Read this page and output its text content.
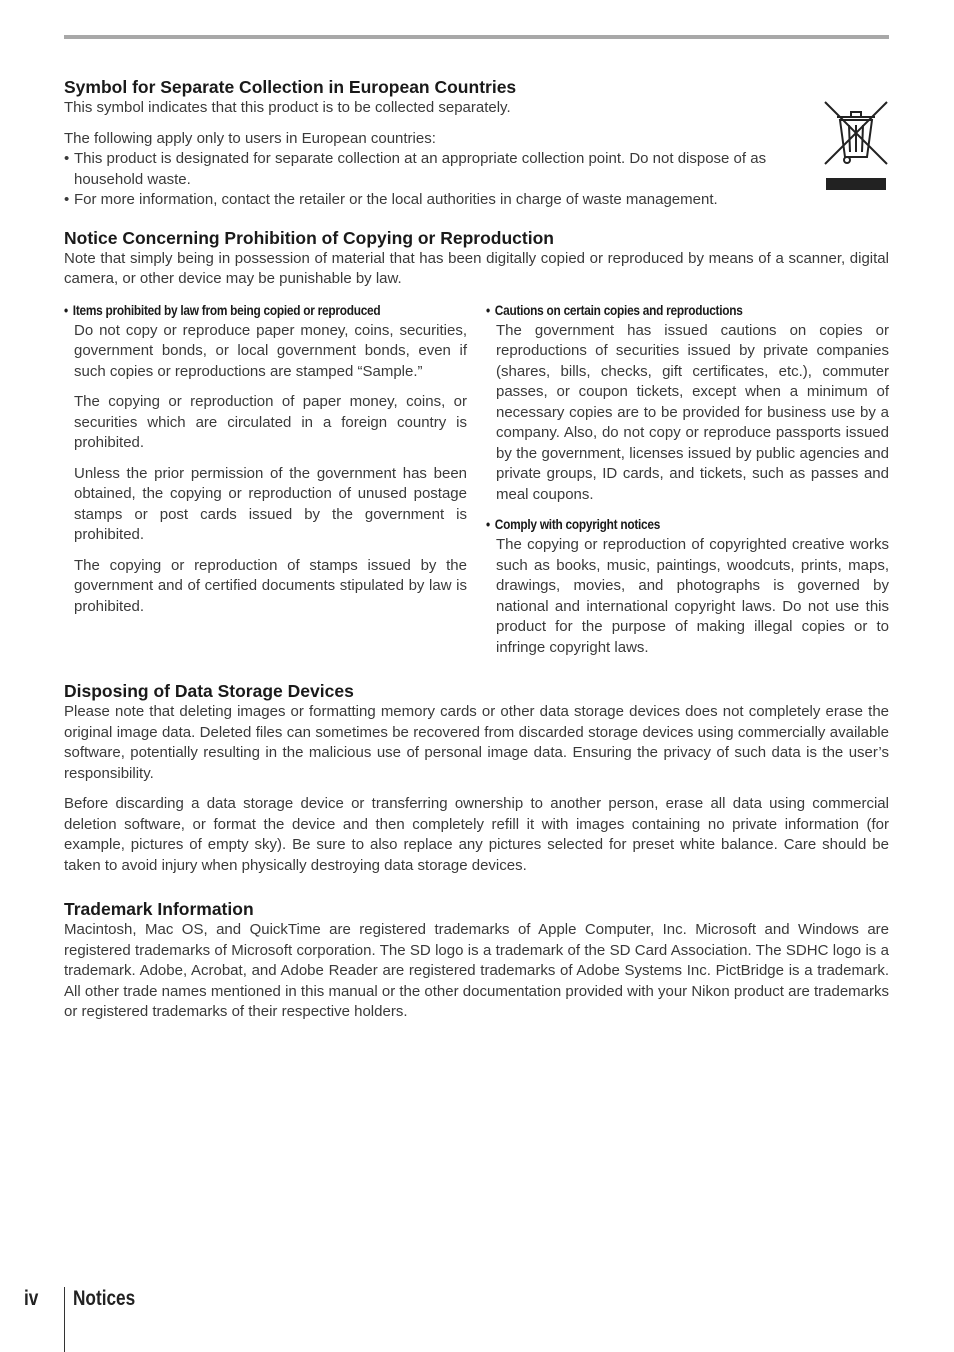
Symbol for Separate Collection in European Countries

This symbol indicates that this product is to be collected separately.

The following apply only to users in European countries:

• This product is designated for separate collection at an appropriate collection point. Do not dispose of as household waste.
• For more information, contact the retailer or the local authorities in charge of waste management.
Notice Concerning Prohibition of Copying or Reproduction

Note that simply being in possession of material that has been digitally copied or reproduced by means of a scanner, digital camera, or other device may be punishable by law.

• Items prohibited by law from being copied or reproduced

Do not copy or reproduce paper money, coins, securities, government bonds, or local government bonds, even if such copies or reproductions are stamped “Sample.”

The copying or reproduction of paper money, coins, or securities which are circulated in a foreign country is prohibited.

Unless the prior permission of the government has been obtained, the copying or reproduction of unused postage stamps or post cards issued by the government is prohibited.

The copying or reproduction of stamps issued by the government and of certified documents stipulated by law is prohibited.

• Cautions on certain copies and reproductions

The government has issued cautions on copies or reproductions of securities issued by private companies (shares, bills, checks, gift certificates, etc.), commuter passes, or coupon tickets, except when a minimum of necessary copies are to be provided for business use by a company. Also, do not copy or reproduce passports issued by the government, licenses issued by public agencies and private groups, ID cards, and tickets, such as passes and meal coupons.

• Comply with copyright notices

The copying or reproduction of copyrighted creative works such as books, music, paintings, woodcuts, prints, maps, drawings, movies, and photographs is governed by national and international copyright laws. Do not use this product for the purpose of making illegal copies or to infringe copyright laws.

Disposing of Data Storage Devices

Please note that deleting images or formatting memory cards or other data storage devices does not completely erase the original image data. Deleted files can sometimes be recovered from discarded storage devices using commercially available software, potentially resulting in the malicious use of personal image data. Ensuring the privacy of such data is the user’s responsibility.

Before discarding a data storage device or transferring ownership to another person, erase all data using commercial deletion software, or format the device and then completely refill it with images containing no private information (for example, pictures of empty sky). Be sure to also replace any pictures selected for preset white balance. Care should be taken to avoid injury when physically destroying data storage devices.

Trademark Information

Macintosh, Mac OS, and QuickTime are registered trademarks of Apple Computer, Inc. Microsoft and Windows are registered trademarks of Microsoft corporation. The SD logo is a trademark of the SD Card Association. The SDHC logo is a trademark. Adobe, Acrobat, and Adobe Reader are registered trademarks of Adobe Systems Inc. PictBridge is a trademark. All other trade names mentioned in this manual or the other documentation provided with your Nikon product are trademarks or registered trademarks of their respective holders.

iv Notices
